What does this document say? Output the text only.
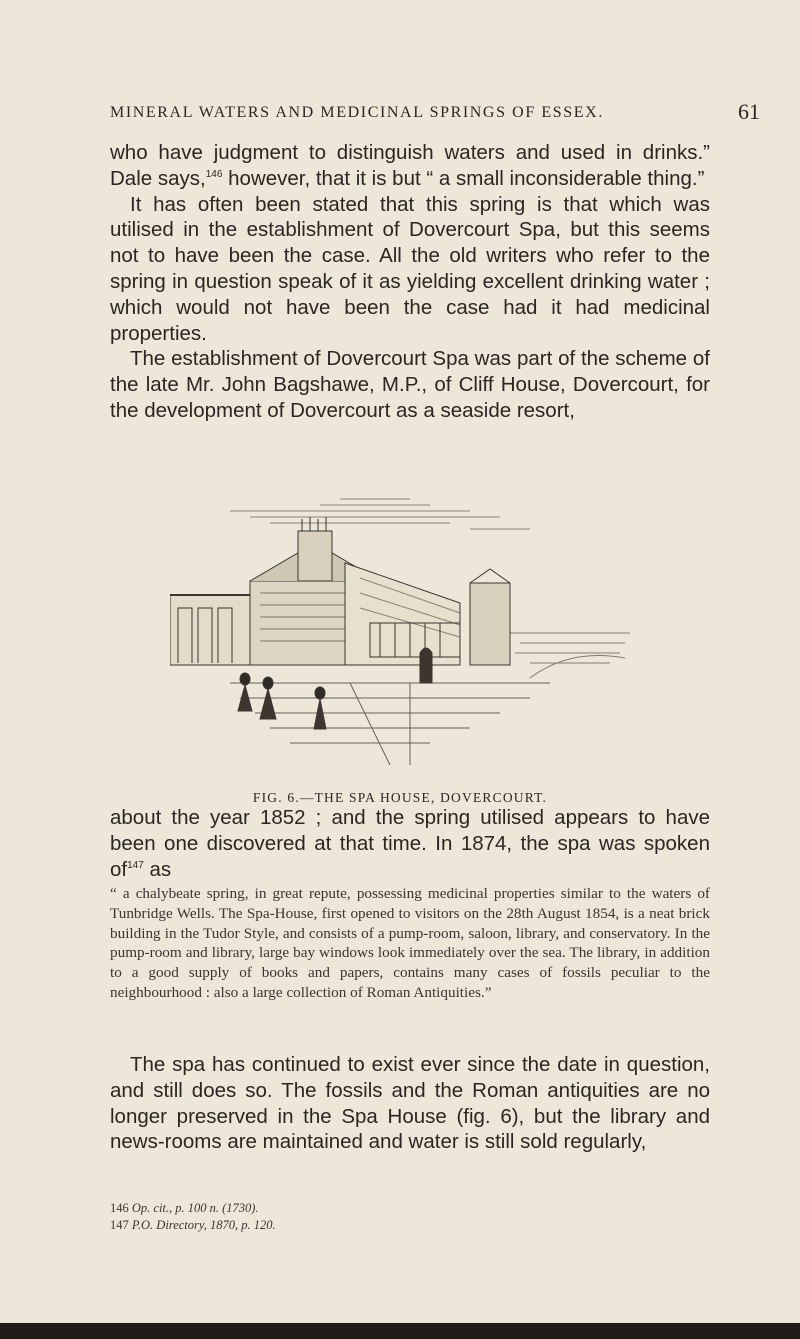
MINERAL WATERS AND MEDICINAL SPRINGS OF ESSEX.	61

who have judgment to distinguish waters and used in drinks.” Dale says,$^{146}$ however, that it is but “ a small inconsiderable thing.”

It has often been stated that this spring is that which was utilised in the establishment of Dovercourt Spa, but this seems not to have been the case. All the old writers who refer to the spring in question speak of it as yielding excellent drinking water ; which would not have been the case had it had medicinal properties.

The establishment of Dovercourt Spa was part of the scheme of the late Mr. John Bagshawe, M.P., of Cliff House, Dovercourt, for the development of Dovercourt as a seaside resort,

FIG. 6.—THE SPA HOUSE, DOVERCOURT.

about the year 1852 ; and the spring utilised appears to have been one discovered at that time. In 1874, the spa was spoken $of^{147}$ as

“ a chalybeate spring, in great repute, possessing medicinal properties similar to the waters of Tunbridge Wells. The Spa-House, first opened to visitors on the 28th August 1854, is a neat brick building in the Tudor Style, and consists of a pump-room, saloon, library, and conservatory. In the pump-room and library, large bay windows look immediately over the sea. The library, in addition to a good supply of books and papers, contains many cases of fossils peculiar to the neighbourhood : also a large collection of Roman Antiquities.”

The spa has continued to exist ever since the date in question, and still does so. The fossils and the Roman antiquities are no longer preserved in the Spa House (fig. 6), but the library and news-rooms are maintained and water is still sold regularly,

146 Op. cit., p. 100 n. (1730).
147 P.O. Directory, 1870, p. 120.
